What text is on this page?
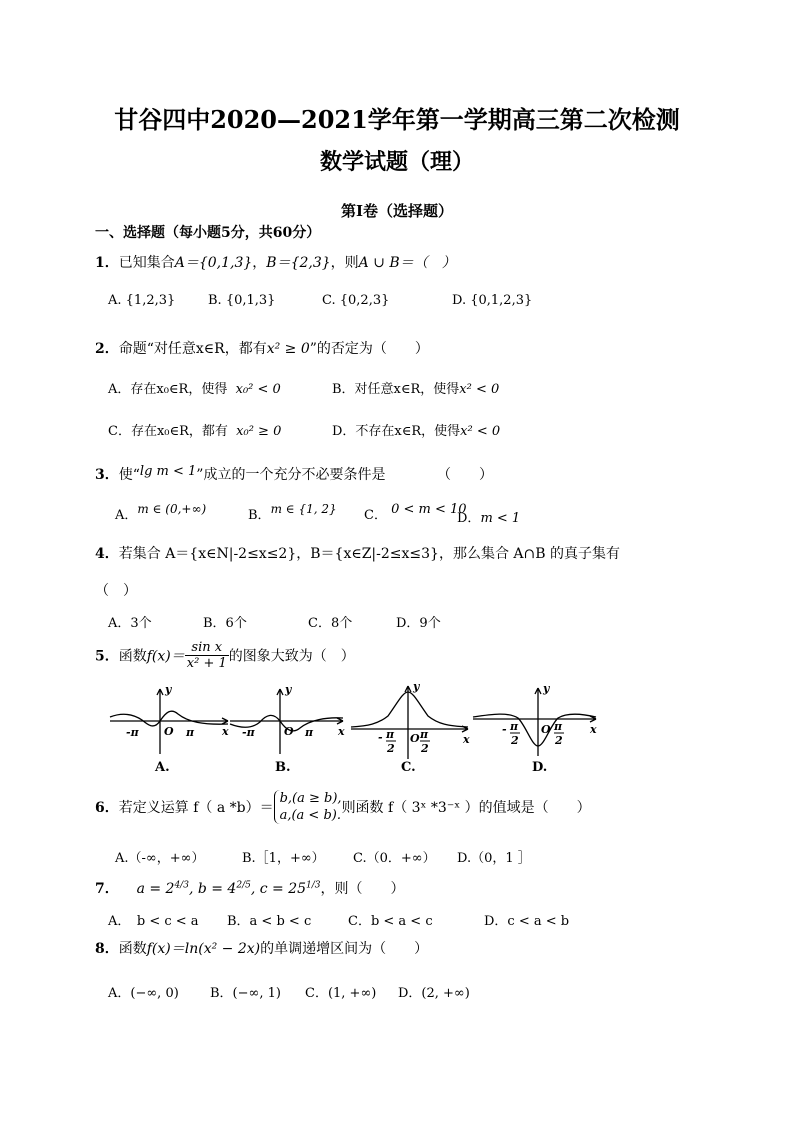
甘谷四中2020—2021学年第一学期高三第二次检测
数学试题（理）
第Ⅰ卷（选择题）
一、选择题（每小题5分，共60分）
1．已知集合A＝{0,1,3}，B＝{2,3}，则A ∪ B＝（　）
A. {1,2,3}	B. {0,1,3}	C. {0,2,3}	D. {0,1,2,3}
2．命题“对任意x∈R，都有x² ≥ 0”的否定为（　　）
A．存在x₀∈R，使得 x₀² < 0	B．对任意x∈R，使得x² < 0
C．存在x₀∈R，都有 x₀² ≥ 0	D．不存在x∈R，使得x² < 0
3．使“lg m < 1”成立的一个充分不必要条件是	（　　）
A．m ∈ (0,+∞)	B．m ∈ {1, 2} C． 0 < m < 10
D．m < 1
4．若集合 A＝{x∈N|-2≤x≤2}，B＝{x∈Z|-2≤x≤3}，那么集合 A∩B 的真子集有
（　）
A．3个	B．6个	C．8个	D．9个
5．函数$f(x)= \frac{\text{sin x}}{\text{x² + 1}}$ 的图象大致为（　）
y
x
O
-π	π
y
x
O
-π	π
y
x
O
- π
2
π
2
y
x
O
- π
2
π
2
A.	B.	C.	D.
6．若定义运算 f（ a *b）＝
b,(a ≥ b),
a,(a < b). 则函数 f（ 3ˣ *3⁻ˣ ）的值域是（　　）
A.（-∞，+∞）	B.［1，+∞） C.（0．+∞） D.（0，1 ］
7． $a = 2^{4/3}$, $b = 4^{2/5}$, $c = 25^{1/3}$，则（　　）
A．　b < c < a B．a < b < c	C．b < a < c	D．c < a < b
8．函数f(x)＝ln(x² − 2x)的单调递增区间为（　　）
A．(−∞, 0) B．(−∞, 1) C．(1, +∞) D．(2, +∞)
